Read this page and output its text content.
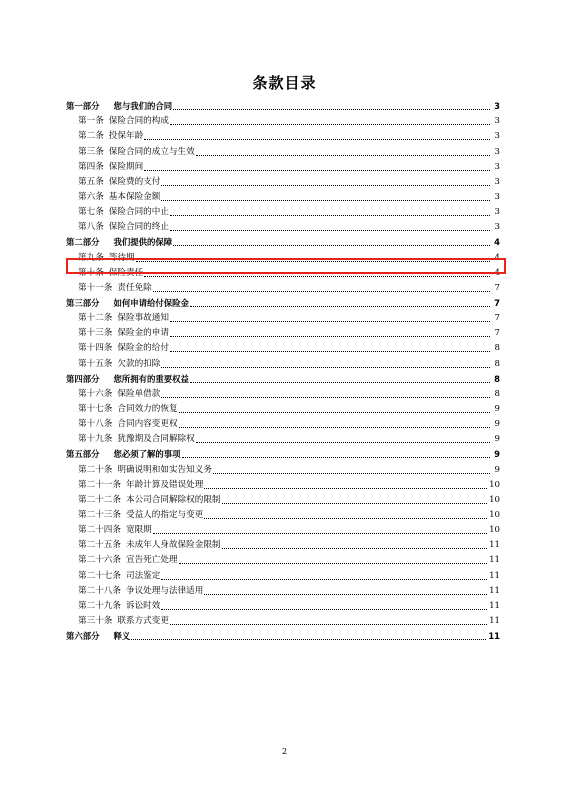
条款目录
第一部分 您与我们的合同	3
第一条 保险合同的构成	3
第二条 投保年龄	3
第三条 保险合同的成立与生效	3
第四条 保险期间	3
第五条 保险费的支付	3
第六条 基本保险金额	3
第七条 保险合同的中止	3
第八条 保险合同的终止	3
第二部分 我们提供的保障	4
第九条 等待期	4
第十条 保险责任	4
第十一条 责任免除	7
第三部分 如何申请给付保险金	7
第十二条 保险事故通知	7
第十三条 保险金的申请	7
第十四条 保险金的给付	8
第十五条 欠款的扣除	8
第四部分 您所拥有的重要权益	8
第十六条 保险单借款	8
第十七条 合同效力的恢复	9
第十八条 合同内容变更权	9
第十九条 犹豫期及合同解除权	9
第五部分 您必须了解的事项	9
第二十条 明确说明和如实告知义务	9
第二十一条 年龄计算及错误处理	10
第二十二条 本公司合同解除权的限制	10
第二十三条 受益人的指定与变更	10
第二十四条 宽限期	10
第二十五条 未成年人身故保险金限制	11
第二十六条 宣告死亡处理	11
第二十七条 司法鉴定	11
第二十八条 争议处理与法律适用	11
第二十九条 诉讼时效	11
第三十条 联系方式变更	11
第六部分 释义	11
2
